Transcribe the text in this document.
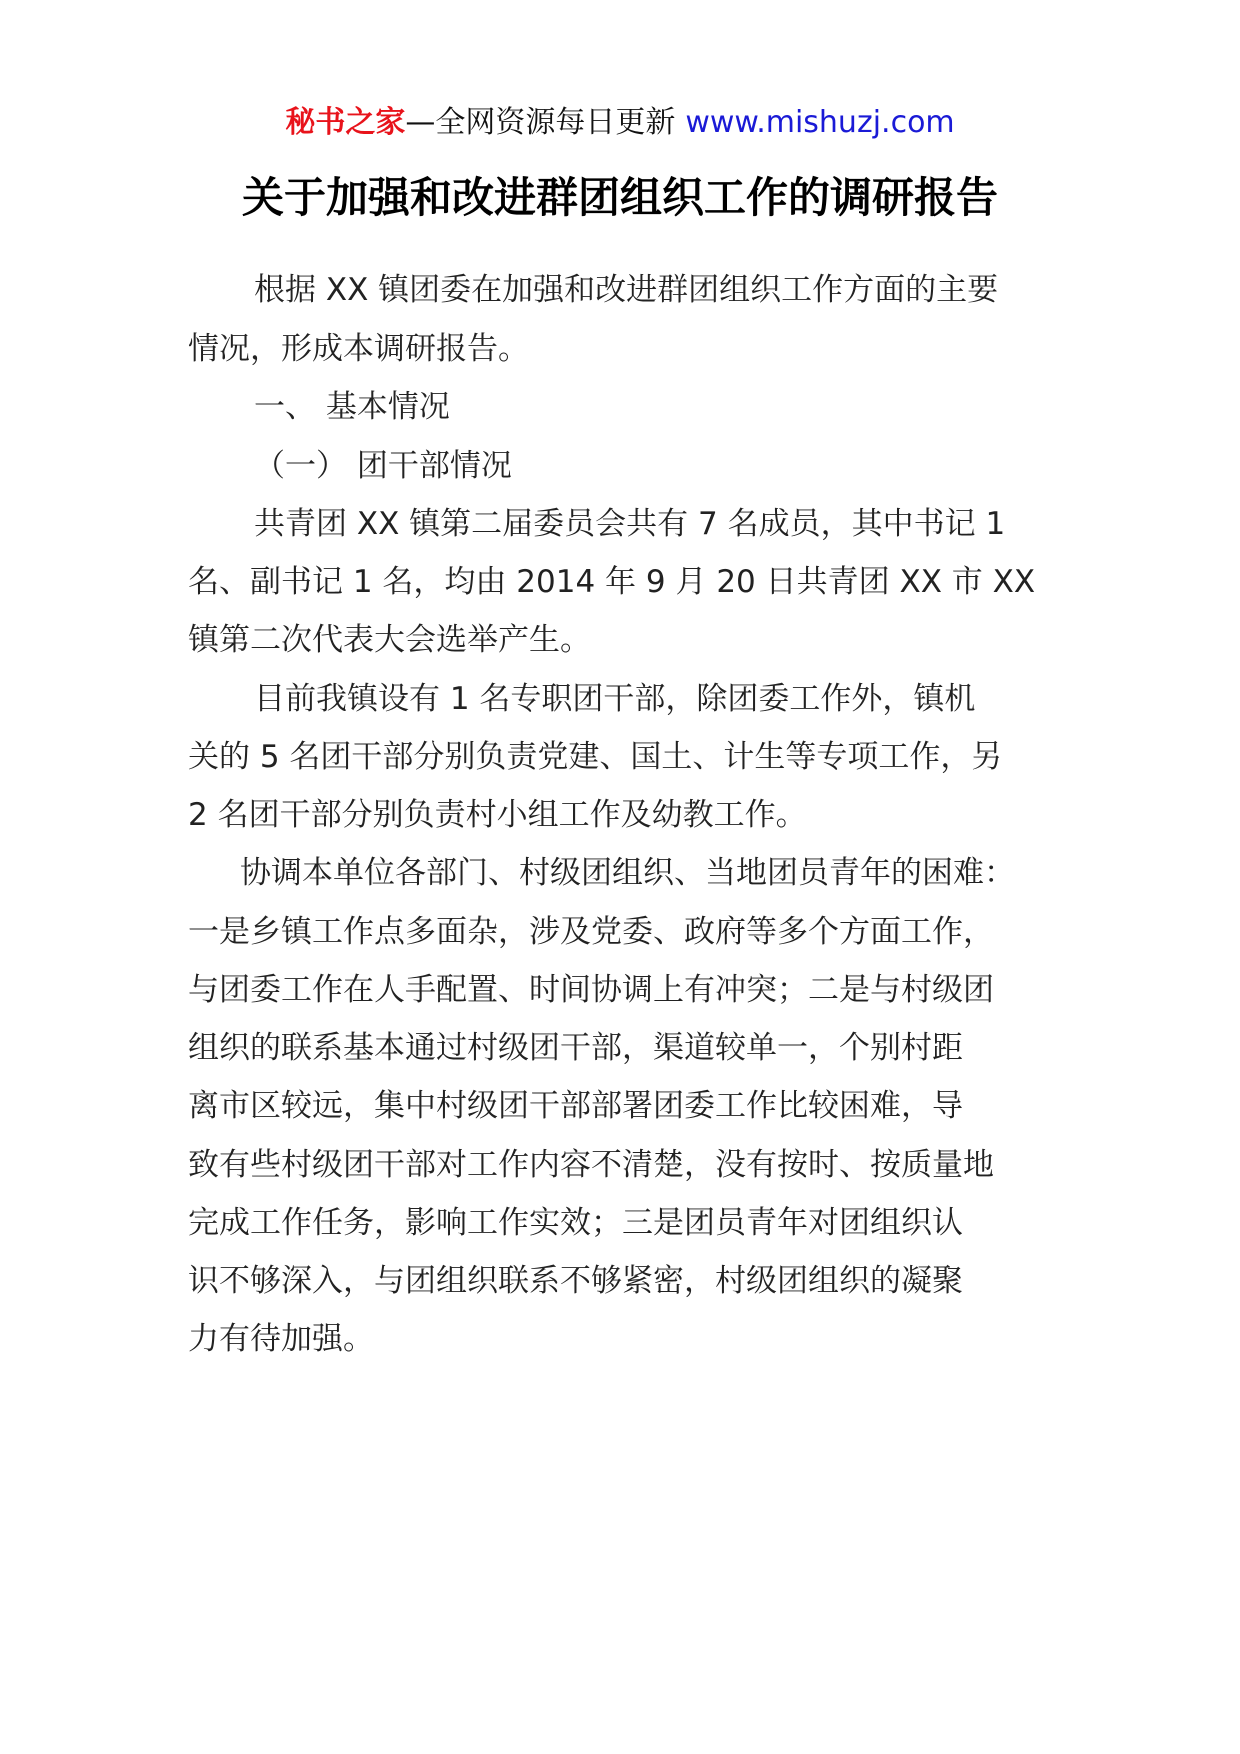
秘书之家—全网资源每日更新 www.mishuzj.com
关于加强和改进群团组织工作的调研报告
根据 XX 镇团委在加强和改进群团组织工作方面的主要
情况，形成本调研报告。
一、 基本情况
（一） 团干部情况
共青团 XX 镇第二届委员会共有 7 名成员，其中书记 1
名、副书记 1 名，均由 2014 年 9 月 20 日共青团 XX 市 XX
镇第二次代表大会选举产生。
目前我镇设有 1 名专职团干部，除团委工作外，镇机
关的 5 名团干部分别负责党建、国土、计生等专项工作，另
2 名团干部分别负责村小组工作及幼教工作。
协调本单位各部门、村级团组织、当地团员青年的困难：
一是乡镇工作点多面杂，涉及党委、政府等多个方面工作，
与团委工作在人手配置、时间协调上有冲突；二是与村级团
组织的联系基本通过村级团干部，渠道较单一，个别村距
离市区较远，集中村级团干部部署团委工作比较困难，导
致有些村级团干部对工作内容不清楚，没有按时、按质量地
完成工作任务，影响工作实效；三是团员青年对团组织认
识不够深入，与团组织联系不够紧密，村级团组织的凝聚
力有待加强。
